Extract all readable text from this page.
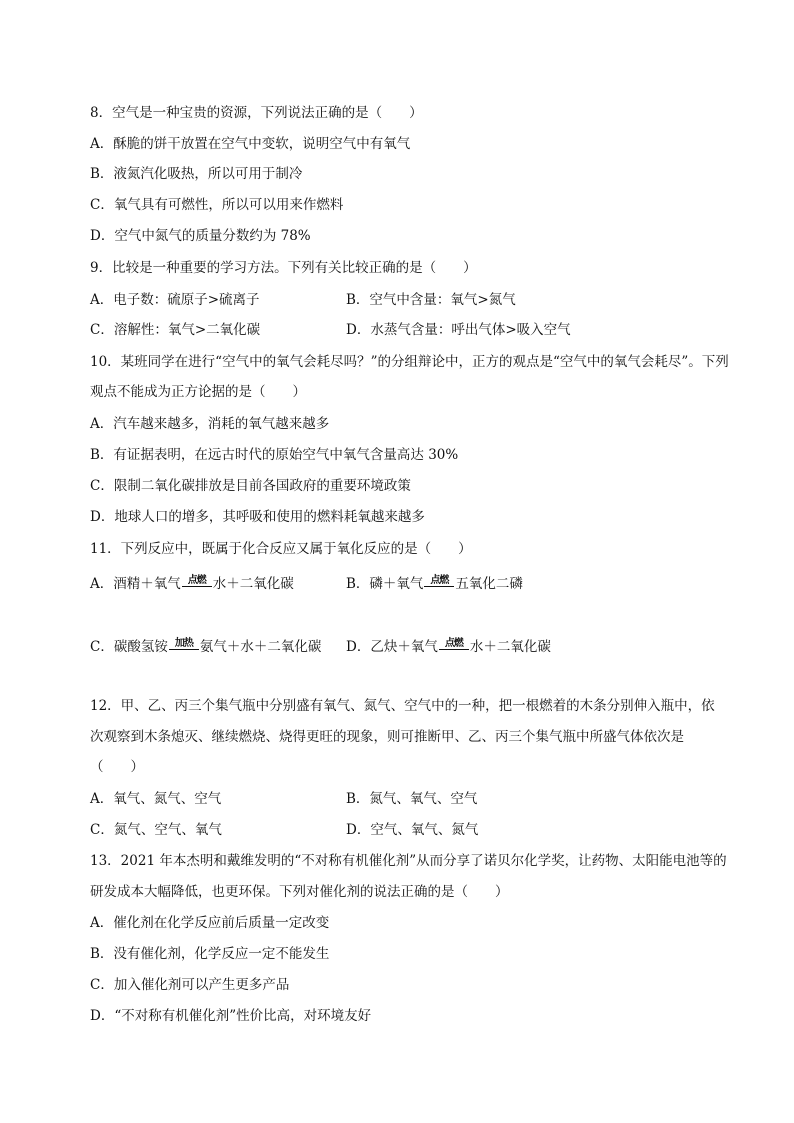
8．空气是一种宝贵的资源，下列说法正确的是（　　）
A．酥脆的饼干放置在空气中变软，说明空气中有氧气
B．液氮汽化吸热，所以可用于制冷
C．氧气具有可燃性，所以可以用来作燃料
D．空气中氮气的质量分数约为 78%
9．比较是一种重要的学习方法。下列有关比较正确的是（　　）
A．电子数：硫原子>硫离子	B．空气中含量：氧气>氮气
C．溶解性：氧气>二氧化碳	D．水蒸气含量：呼出气体>吸入空气
10．某班同学在进行“空气中的氧气会耗尽吗？”的分组辩论中，正方的观点是“空气中的氧气会耗尽”。下列
观点不能成为正方论据的是（　　）
A．汽车越来越多，消耗的氧气越来越多
B．有证据表明，在远古时代的原始空气中氧气含量高达 30%
C．限制二氧化碳排放是目前各国政府的重要环境政策
D．地球人口的增多，其呼吸和使用的燃料耗氧越来越多
11．下列反应中，既属于化合反应又属于氧化反应的是（　　）
A．酒精＋氧气 点燃 水＋二氧化碳	B．磷＋氧气 点燃 五氧化二磷
C．碳酸氢铵 加热 氨气＋水＋二氧化碳 D．乙炔＋氧气 点燃 水＋二氧化碳
12．甲、乙、丙三个集气瓶中分别盛有氧气、氮气、空气中的一种，把一根燃着的木条分别伸入瓶中，依
次观察到木条熄灭、继续燃烧、烧得更旺的现象，则可推断甲、乙、丙三个集气瓶中所盛气体依次是
（　　）
A．氧气、氮气、空气	B．氮气、氧气、空气
C．氮气、空气、氧气	D．空气、氧气、氮气
13．2021 年本杰明和戴维发明的“不对称有机催化剂”从而分享了诺贝尔化学奖，让药物、太阳能电池等的
研发成本大幅降低，也更环保。下列对催化剂的说法正确的是（　　）
A．催化剂在化学反应前后质量一定改变
B．没有催化剂，化学反应一定不能发生
C．加入催化剂可以产生更多产品
D．“不对称有机催化剂”性价比高，对环境友好
